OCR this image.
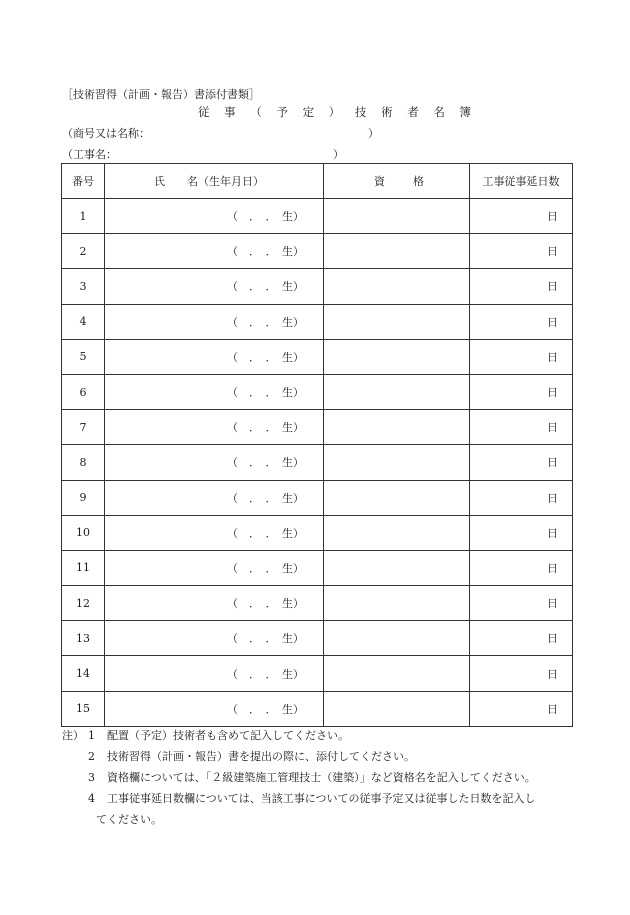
［技術習得（計画・報告）書添付書類］
従 事 （ 予 定 ） 技 術 者 名 簿
（商号又は名称：	）
（工事名：	）
番号	氏　　名（生年月日）	資　　格	工事従事延日数
1	（　．　．　生）		日
2	（　．　．　生）		日
3	（　．　．　生）		日
4	（　．　．　生）		日
5	（　．　．　生）		日
6	（　．　．　生）		日
7	（　．　．　生）		日
8	（　．　．　生）		日
9	（　．　．　生）		日
10	（　．　．　生）		日
11	（　．　．　生）		日
12	（　．　．　生）		日
13	（　．　．　生）		日
14	（　．　．　生）		日
15	（　．　．　生）		日
注） 1 配置（予定）技術者も含めて記入してください。
2 技術習得（計画・報告）書を提出の際に、添付してください。
3 資格欄については、「２級建築施工管理技士（建築）」など資格名を記入してください。
4 工事従事延日数欄については、当該工事についての従事予定又は従事した日数を記入し
てください。
